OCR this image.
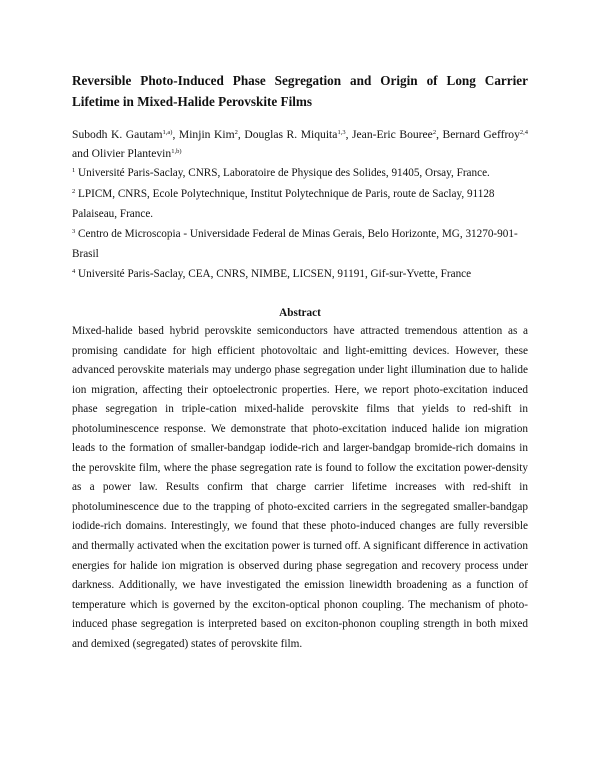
Reversible Photo-Induced Phase Segregation and Origin of Long Carrier Lifetime in Mixed-Halide Perovskite Films
Subodh K. Gautam$^{1,a)}$, Minjin Kim$^2$, Douglas R. Miquita$^{1,3}$, Jean-Eric Bouree$^2$, Bernard Geffroy$^{2,4}$ and Olivier Plantevin$^{1,b)}$
$^1$ Université Paris-Saclay, CNRS, Laboratoire de Physique des Solides, 91405, Orsay, France.
$^2$ LPICM, CNRS, Ecole Polytechnique, Institut Polytechnique de Paris, route de Saclay, 91128 Palaiseau, France.
$^3$ Centro de Microscopia - Universidade Federal de Minas Gerais, Belo Horizonte, MG, 31270-901- Brasil
$^4$ Université Paris-Saclay, CEA, CNRS, NIMBE, LICSEN, 91191, Gif-sur-Yvette, France
Abstract
Mixed-halide based hybrid perovskite semiconductors have attracted tremendous attention as a promising candidate for high efficient photovoltaic and light-emitting devices. However, these advanced perovskite materials may undergo phase segregation under light illumination due to halide ion migration, affecting their optoelectronic properties. Here, we report photo-excitation induced phase segregation in triple-cation mixed-halide perovskite films that yields to red-shift in photoluminescence response. We demonstrate that photo-excitation induced halide ion migration leads to the formation of smaller-bandgap iodide-rich and larger-bandgap bromide-rich domains in the perovskite film, where the phase segregation rate is found to follow the excitation power-density as a power law. Results confirm that charge carrier lifetime increases with red-shift in photoluminescence due to the trapping of photo-excited carriers in the segregated smaller-bandgap iodide-rich domains. Interestingly, we found that these photo-induced changes are fully reversible and thermally activated when the excitation power is turned off. A significant difference in activation energies for halide ion migration is observed during phase segregation and recovery process under darkness. Additionally, we have investigated the emission linewidth broadening as a function of temperature which is governed by the exciton-optical phonon coupling. The mechanism of photo-induced phase segregation is interpreted based on exciton-phonon coupling strength in both mixed and demixed (segregated) states of perovskite film.
